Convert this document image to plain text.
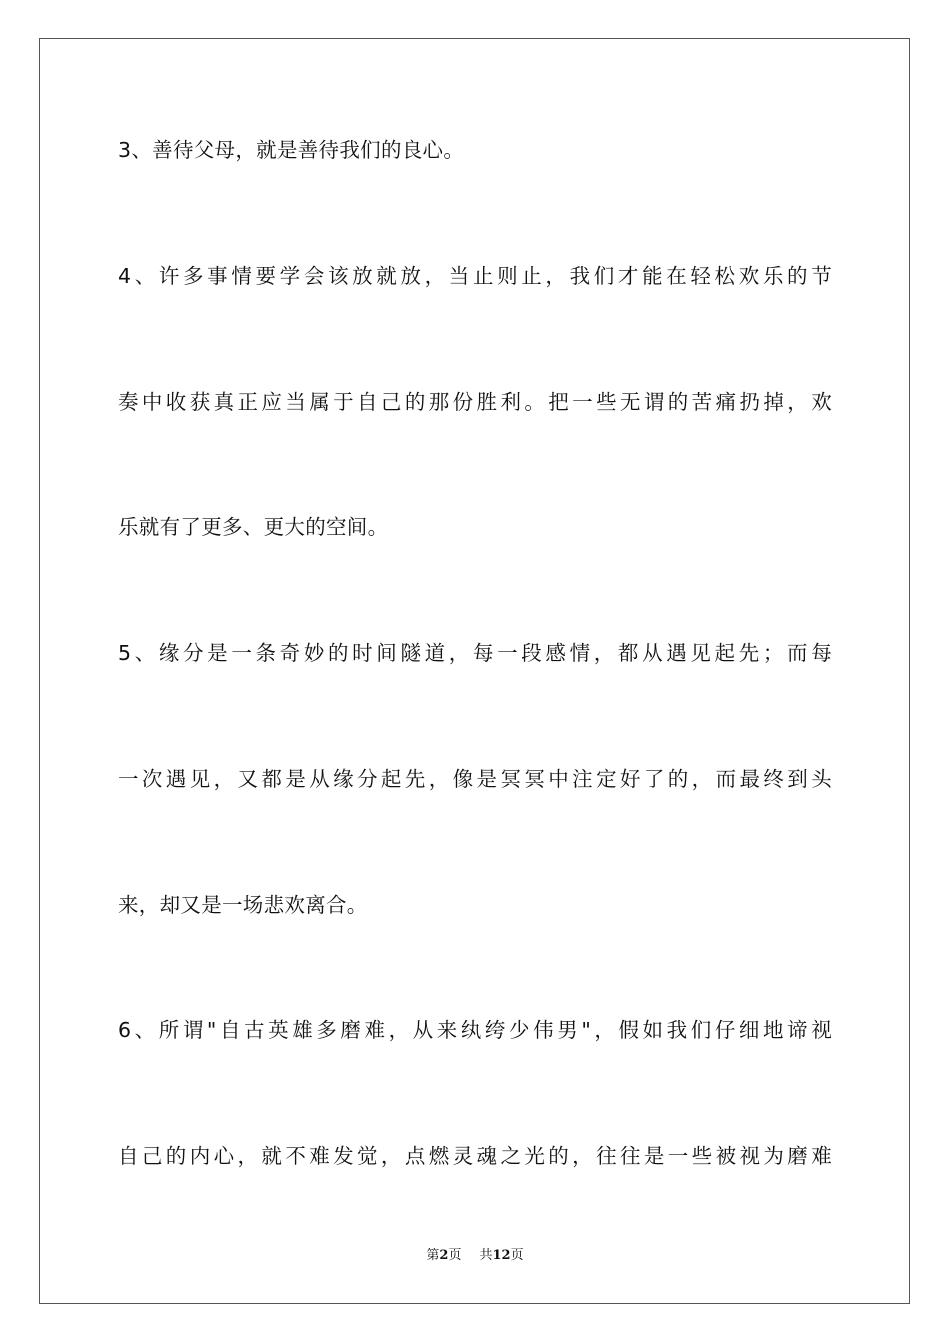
3、善待父母，就是善待我们的良心。
4、许多事情要学会该放就放，当止则止，我们才能在轻松欢乐的节
奏中收获真正应当属于自己的那份胜利。把一些无谓的苦痛扔掉，欢
乐就有了更多、更大的空间。
5、缘分是一条奇妙的时间隧道，每一段感情，都从遇见起先；而每
一次遇见，又都是从缘分起先，像是冥冥中注定好了的，而最终到头
来，却又是一场悲欢离合。
6、所谓"自古英雄多磨难，从来纨绔少伟男"，假如我们仔细地谛视
自己的内心，就不难发觉，点燃灵魂之光的，往往是一些被视为磨难
第2页 共12页
